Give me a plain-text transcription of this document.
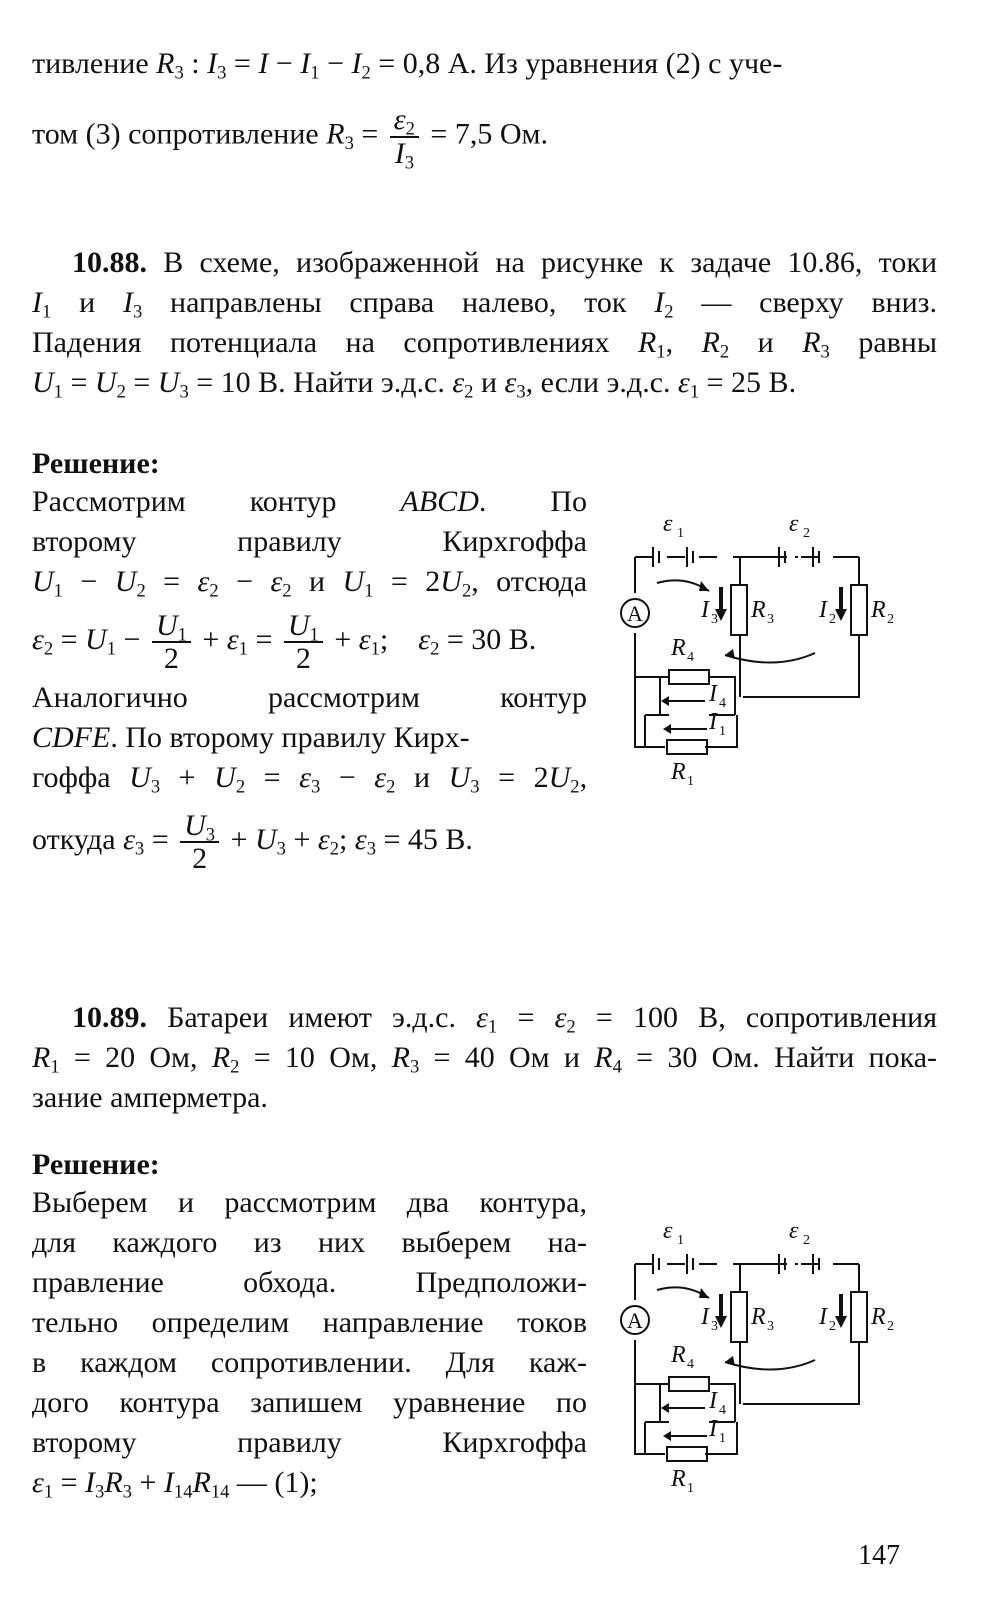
тивление $R_3$ : $I_3 = I - I_1 - I_2 = 0,8$ А. Из уравнения (2) с уче-

том (3) сопротивление $R_3 = \frac{\varepsilon_2}{I_3} = 7,5$ Ом.

10.88. В схеме, изображенной на рисунке к задаче 10.86, токи

$I_1$ и $I_3$ направлены справа налево, ток $I_2$ — сверху вниз.

Падения потенциала на сопротивлениях $R_1$, $R_2$ и $R_3$ равны

$U_1 = U_2 = U_3 = 10$ В. Найти э.д.с. $\varepsilon_2$ и $\varepsilon_3$, если э.д.с. $\varepsilon_1 = 25$ В.

Решение:

Рассмотрим контур ABCD. По

второму правилу Кирхгоффа

$U_1 - U_2 = \varepsilon_2 - \varepsilon_2$ и $U_1 = 2U_2$, отсюда

$\varepsilon_2 = U_1 - \frac{U_1}{2} + \varepsilon_1 = \frac{U_1}{2} + \varepsilon_1$;    $\varepsilon_2 = 30$ В.

Аналогично рассмотрим контур

CDFE. По второму правилу Кирх-

гоффа $U_3 + U_2 = \varepsilon_3 - \varepsilon_2$ и $U_3 = 2U_2$,

откуда $\varepsilon_3 = \frac{U_3}{2} + U_3 + \varepsilon_2$; $\varepsilon_3 = 45$ В.

A
ε 1	ε 2
I 3 R 3 I 2 R 2
R 4
I 4
I 1
R 1

10.89. Батареи имеют э.д.с. $\varepsilon_1 = \varepsilon_2 = 100$ В, сопротивления

$R_1 = 20$ Ом, $R_2 = 10$ Ом, $R_3 = 40$ Ом и $R_4 = 30$ Ом. Найти пока-

зание амперметра.

Решение:

Выберем и рассмотрим два контура,

для каждого из них выберем на-

правление обхода. Предположи-

тельно определим направление токов

в каждом сопротивлении. Для каж-

дого контура запишем уравнение по

второму правилу Кирхгоффа

$\varepsilon_1 = I_3R_3 + I_{14}R_{14}$ — (1);

A
ε 1	ε 2
I 3 R 3 I 2 R 2
R 4
I 4
I 1
R 1
147
